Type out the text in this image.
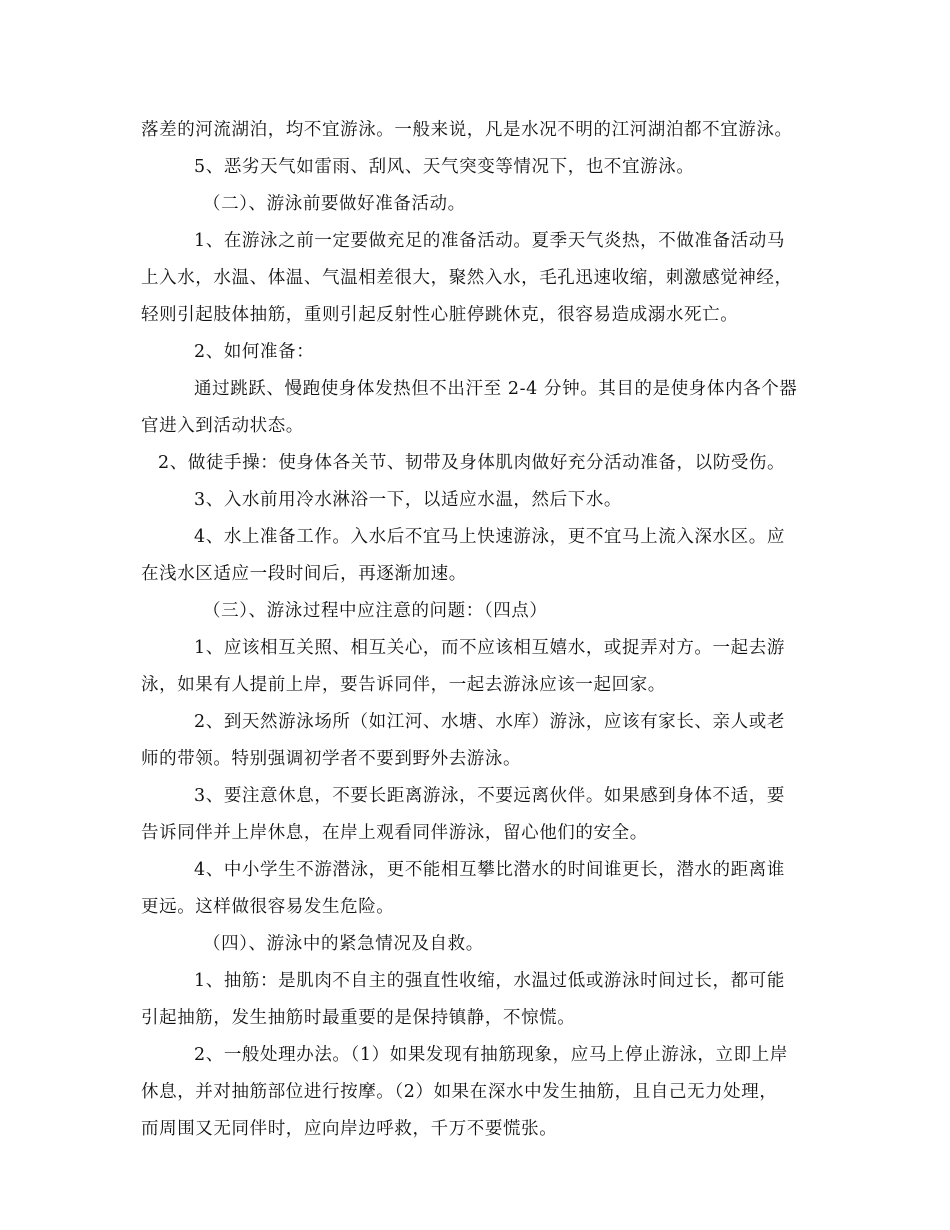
落差的河流湖泊，均不宜游泳。一般来说，凡是水况不明的江河湖泊都不宜游泳。
5、恶劣天气如雷雨、刮风、天气突变等情况下，也不宜游泳。
（二）、游泳前要做好准备活动。
1、在游泳之前一定要做充足的准备活动。夏季天气炎热，不做准备活动马
上入水，水温、体温、气温相差很大，聚然入水，毛孔迅速收缩，刺激感觉神经，
轻则引起肢体抽筋，重则引起反射性心脏停跳休克，很容易造成溺水死亡。
2、如何准备：
通过跳跃、慢跑使身体发热但不出汗至 2-4 分钟。其目的是使身体内各个器
官进入到活动状态。
2、做徒手操：使身体各关节、韧带及身体肌肉做好充分活动准备，以防受伤。
3、入水前用冷水淋浴一下，以适应水温，然后下水。
4、水上准备工作。入水后不宜马上快速游泳，更不宜马上流入深水区。应
在浅水区适应一段时间后，再逐渐加速。
（三）、游泳过程中应注意的问题：（四点）
1、应该相互关照、相互关心，而不应该相互嬉水，或捉弄对方。一起去游
泳，如果有人提前上岸，要告诉同伴，一起去游泳应该一起回家。
2、到天然游泳场所（如江河、水塘、水库）游泳，应该有家长、亲人或老
师的带领。特别强调初学者不要到野外去游泳。
3、要注意休息，不要长距离游泳，不要远离伙伴。如果感到身体不适，要
告诉同伴并上岸休息，在岸上观看同伴游泳，留心他们的安全。
4、中小学生不游潜泳，更不能相互攀比潜水的时间谁更长，潜水的距离谁
更远。这样做很容易发生危险。
（四）、游泳中的紧急情况及自救。
1、抽筋：是肌肉不自主的强直性收缩，水温过低或游泳时间过长，都可能
引起抽筋，发生抽筋时最重要的是保持镇静，不惊慌。
2、一般处理办法。（1）如果发现有抽筋现象，应马上停止游泳，立即上岸
休息，并对抽筋部位进行按摩。（2）如果在深水中发生抽筋，且自己无力处理，
而周围又无同伴时，应向岸边呼救，千万不要慌张。
